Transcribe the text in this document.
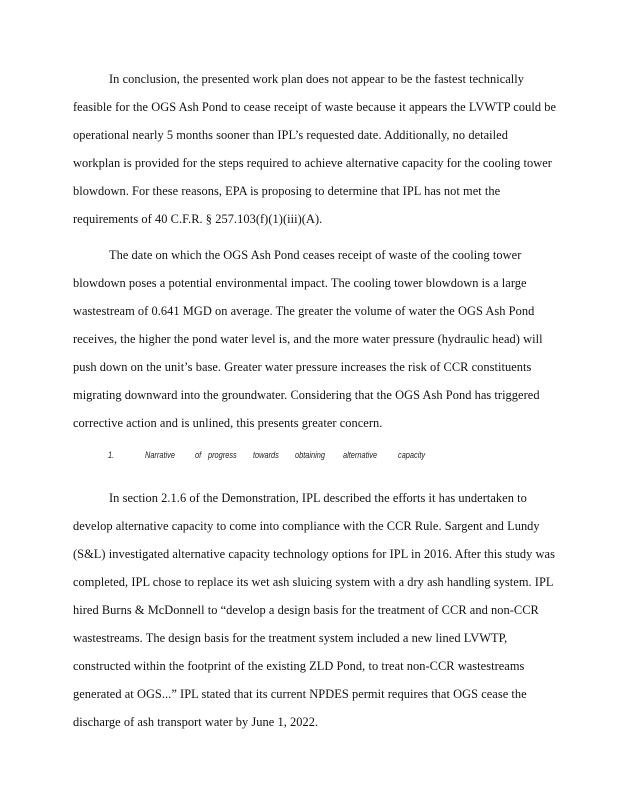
In conclusion, the presented work plan does not appear to be the fastest technically
feasible for the OGS Ash Pond to cease receipt of waste because it appears the LVWTP could be
operational nearly 5 months sooner than IPL’s requested date. Additionally, no detailed
workplan is provided for the steps required to achieve alternative capacity for the cooling tower
blowdown. For these reasons, EPA is proposing to determine that IPL has not met the
requirements of 40 C.F.R. § 257.103(f)(1)(iii)(A).

The date on which the OGS Ash Pond ceases receipt of waste of the cooling tower
blowdown poses a potential environmental impact. The cooling tower blowdown is a large
wastestream of 0.641 MGD on average. The greater the volume of water the OGS Ash Pond
receives, the higher the pond water level is, and the more water pressure (hydraulic head) will
push down on the unit’s base. Greater water pressure increases the risk of CCR constituents
migrating downward into the groundwater. Considering that the OGS Ash Pond has triggered
corrective action and is unlined, this presents greater concern.

1.	Narrative of progress towards obtaining alternative capacity

In section 2.1.6 of the Demonstration, IPL described the efforts it has undertaken to
develop alternative capacity to come into compliance with the CCR Rule. Sargent and Lundy
(S&L) investigated alternative capacity technology options for IPL in 2016. After this study was
completed, IPL chose to replace its wet ash sluicing system with a dry ash handling system. IPL
hired Burns & McDonnell to “develop a design basis for the treatment of CCR and non-CCR
wastestreams. The design basis for the treatment system included a new lined LVWTP,
constructed within the footprint of the existing ZLD Pond, to treat non-CCR wastestreams
generated at OGS...” IPL stated that its current NPDES permit requires that OGS cease the
discharge of ash transport water by June 1, 2022.
